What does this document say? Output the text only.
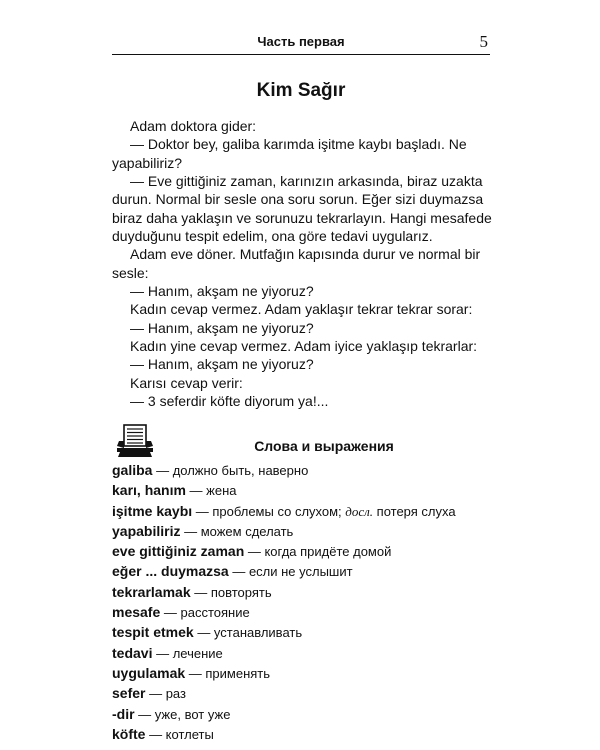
Часть первая	5
Kim Sağır
Adam doktora gider:
— Doktor bey, galiba karımda işitme kaybı başladı. Ne
yapabiliriz?
— Eve gittiğiniz zaman, karınızın arkasında, biraz uzakta
durun. Normal bir sesle ona soru sorun. Eğer sizi duymazsa
biraz daha yaklaşın ve sorunuzu tekrarlayın. Hangi mesafede
duyduğunu tespit edelim, ona göre tedavi uygularız.
Adam eve döner. Mutfağın kapısında durur ve normal bir
sesle:
— Hanım, akşam ne yiyoruz?
Kadın cevap vermez. Adam yaklaşır tekrar tekrar sorar:
— Hanım, akşam ne yiyoruz?
Kadın yine cevap vermez. Adam iyice yaklaşıp tekrarlar:
— Hanım, akşam ne yiyoruz?
Karısı cevap verir:
— 3 seferdir köfte diyorum ya!...
Слова и выражения
galiba — должно быть, наверно
karı, hanım — жена
işitme kaybı — проблемы со слухом; досл. потеря слуха
yapabiliriz — можем сделать
eve gittiğiniz zaman — когда придёте домой
eğer ... duymazsa — если не услышит
tekrarlamak — повторять
mesafe — расстояние
tespit etmek — устанавливать
tedavi — лечение
uygulamak — применять
sefer — раз
-dir — уже, вот уже
köfte — котлеты
